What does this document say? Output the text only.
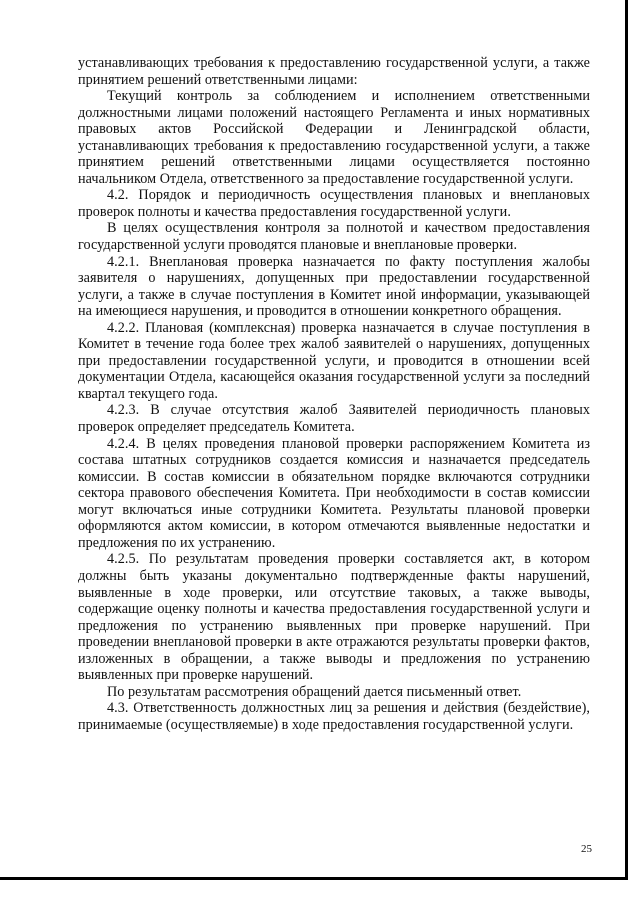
устанавливающих требования к предоставлению государственной услуги, а также принятием решений ответственными лицами:

Текущий контроль за соблюдением и исполнением ответственными должностными лицами положений настоящего Регламента и иных нормативных правовых актов Российской Федерации и Ленинградской области, устанавливающих требования к предоставлению государственной услуги, а также принятием решений ответственными лицами осуществляется постоянно начальником Отдела, ответственного за предоставление государственной услуги.

4.2. Порядок и периодичность осуществления плановых и внеплановых проверок полноты и качества предоставления государственной услуги.

В целях осуществления контроля за полнотой и качеством предоставления государственной услуги проводятся плановые и внеплановые проверки.

4.2.1. Внеплановая проверка назначается по факту поступления жалобы заявителя о нарушениях, допущенных при предоставлении государственной услуги, а также в случае поступления в Комитет иной информации, указывающей на имеющиеся нарушения, и проводится в отношении конкретного обращения.

4.2.2. Плановая (комплексная) проверка назначается в случае поступления в Комитет в течение года более трех жалоб заявителей о нарушениях, допущенных при предоставлении государственной услуги, и проводится в отношении всей документации Отдела, касающейся оказания государственной услуги за последний квартал текущего года.

4.2.3. В случае отсутствия жалоб Заявителей периодичность плановых проверок определяет председатель Комитета.

4.2.4. В целях проведения плановой проверки распоряжением Комитета из состава штатных сотрудников создается комиссия и назначается председатель комиссии. В состав комиссии в обязательном порядке включаются сотрудники сектора правового обеспечения Комитета. При необходимости в состав комиссии могут включаться иные сотрудники Комитета. Результаты плановой проверки оформляются актом комиссии, в котором отмечаются выявленные недостатки и предложения по их устранению.

4.2.5. По результатам проведения проверки составляется акт, в котором должны быть указаны документально подтвержденные факты нарушений, выявленные в ходе проверки, или отсутствие таковых, а также выводы, содержащие оценку полноты и качества предоставления государственной услуги и предложения по устранению выявленных при проверке нарушений. При проведении внеплановой проверки в акте отражаются результаты проверки фактов, изложенных в обращении, а также выводы и предложения по устранению выявленных при проверке нарушений.

По результатам рассмотрения обращений дается письменный ответ.

4.3. Ответственность должностных лиц за решения и действия (бездействие), принимаемые (осуществляемые) в ходе предоставления государственной услуги.

25
